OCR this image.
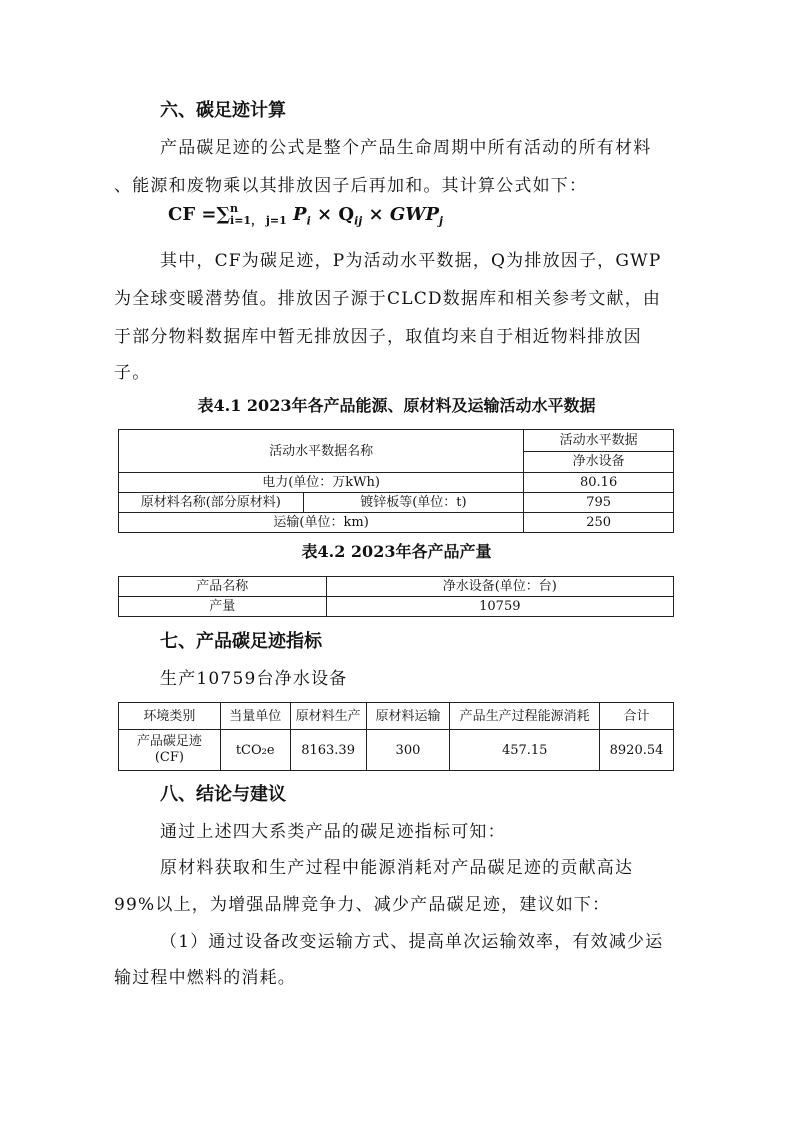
六、碳足迹计算
产品碳足迹的公式是整个产品生命周期中所有活动的所有材料
、能源和废物乘以其排放因子后再加和。其计算公式如下：
CF =∑ n
i=1， j=1 $P_i \times Q_{ij} \times GWP_j$
其中，CF为碳足迹，P为活动水平数据，Q为排放因子，GWP
为全球变暖潜势值。排放因子源于CLCD数据库和相关参考文献，由
于部分物料数据库中暂无排放因子，取值均来自于相近物料排放因
子。
表4.1 2023年各产品能源、原材料及运输活动水平数据
活动水平数据名称		活动水平数据
		净水设备
电力(单位：万kWh)		80.16
原材料名称(部分原材料)	镀锌板等(单位：t)	795
运输(单位：km)		250
表4.2 2023年各产品产量
产品名称	净水设备(单位：台)
产量	10759
七、产品碳足迹指标
生产10759台净水设备
环境类别	当量单位	原材料生产	原材料运输	产品生产过程能源消耗	合计

产品碳足迹
(CF)	tCO₂e	8163.39	300	457.15	8920.54
八、结论与建议
通过上述四大系类产品的碳足迹指标可知：
原材料获取和生产过程中能源消耗对产品碳足迹的贡献高达
99%以上，为增强品牌竞争力、减少产品碳足迹，建议如下：
（1）通过设备改变运输方式、提高单次运输效率，有效减少运
输过程中燃料的消耗。
